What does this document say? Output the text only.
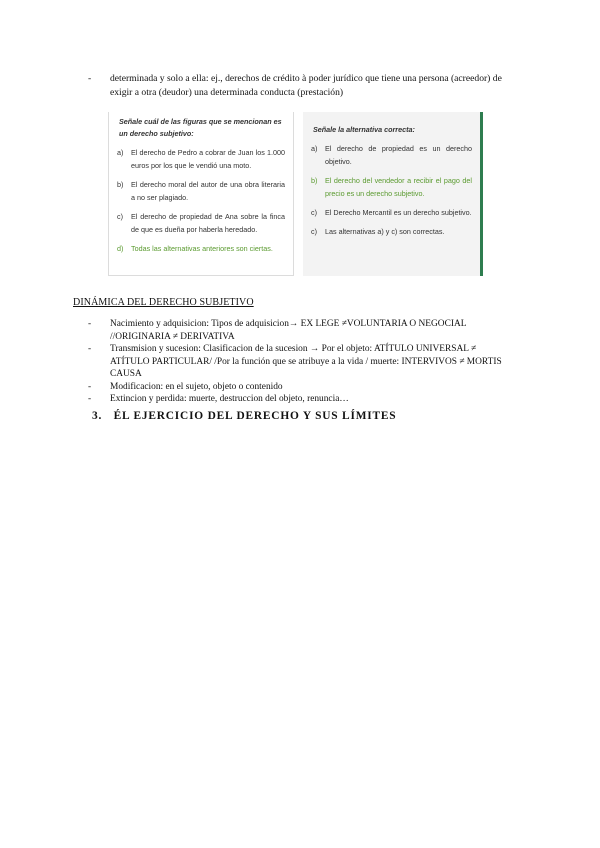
- determinada y solo a ella: ej., derechos de crédito à poder jurídico que tiene una persona (acreedor) de exigir a otra (deudor) una determinada conducta (prestación)
Señale cuál de las figuras que se mencionan es un derecho subjetivo:
a) El derecho de Pedro a cobrar de Juan los 1.000 euros por los que le vendió una moto.
b) El derecho moral del autor de una obra literaria a no ser plagiado.
c) El derecho de propiedad de Ana sobre la finca de que es dueña por haberla heredado.
d) Todas las alternativas anteriores son ciertas.
Señale la alternativa correcta:
a) El derecho de propiedad es un derecho objetivo.
b) El derecho del vendedor a recibir el pago del precio es un derecho subjetivo.
c) El Derecho Mercantil es un derecho subjetivo.
c) Las alternativas a) y c) son correctas.
DINÁMICA DEL DERECHO SUBJETIVO
- Nacimiento y adquisicion: Tipos de adquisicion→ EX LEGE ≠VOLUNTARIA O NEGOCIAL //ORIGINARIA ≠ DERIVATIVA
- Transmision y sucesion: Clasificacion de la sucesion → Por el objeto: ATÍTULO UNIVERSAL ≠ ATÍTULO PARTICULAR/ /Por la función que se atribuye a la vida / muerte: INTERVIVOS ≠ MORTIS CAUSA
- Modificacion: en el sujeto, objeto o contenido
- Extincion y perdida: muerte, destruccion del objeto, renuncia…
3. ÉL EJERCICIO DEL DERECHO Y SUS LÍMITES
